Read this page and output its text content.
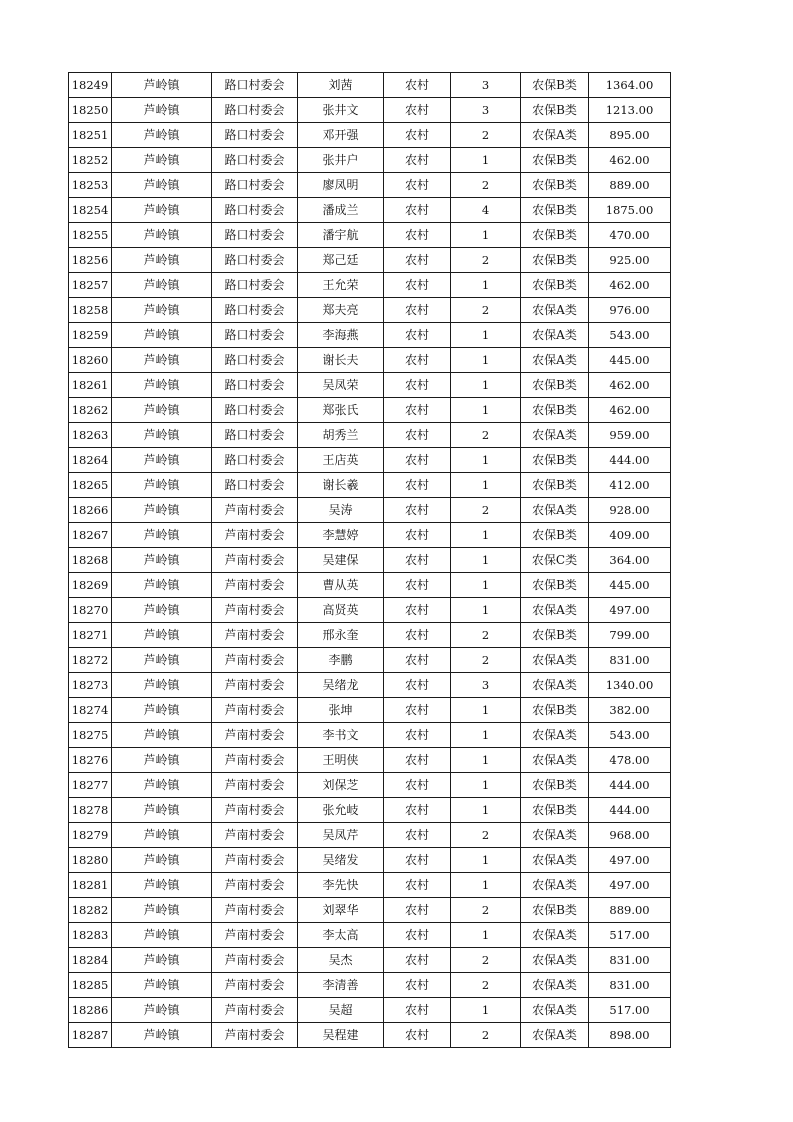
18249	芦岭镇	路口村委会	刘茜	农村	3	农保B类	1364.00
18250	芦岭镇	路口村委会	张井文	农村	3	农保B类	1213.00
18251	芦岭镇	路口村委会	邓开强	农村	2	农保A类	895.00
18252	芦岭镇	路口村委会	张井户	农村	1	农保B类	462.00
18253	芦岭镇	路口村委会	廖凤明	农村	2	农保B类	889.00
18254	芦岭镇	路口村委会	潘成兰	农村	4	农保B类	1875.00
18255	芦岭镇	路口村委会	潘宇航	农村	1	农保B类	470.00
18256	芦岭镇	路口村委会	郑己廷	农村	2	农保B类	925.00
18257	芦岭镇	路口村委会	王允荣	农村	1	农保B类	462.00
18258	芦岭镇	路口村委会	郑夫亮	农村	2	农保A类	976.00
18259	芦岭镇	路口村委会	李海燕	农村	1	农保A类	543.00
18260	芦岭镇	路口村委会	谢长夫	农村	1	农保A类	445.00
18261	芦岭镇	路口村委会	吴凤荣	农村	1	农保B类	462.00
18262	芦岭镇	路口村委会	郑张氏	农村	1	农保B类	462.00
18263	芦岭镇	路口村委会	胡秀兰	农村	2	农保A类	959.00
18264	芦岭镇	路口村委会	王店英	农村	1	农保B类	444.00
18265	芦岭镇	路口村委会	谢长羲	农村	1	农保B类	412.00
18266	芦岭镇	芦南村委会	吴涛	农村	2	农保A类	928.00
18267	芦岭镇	芦南村委会	李慧婷	农村	1	农保B类	409.00
18268	芦岭镇	芦南村委会	吴建保	农村	1	农保C类	364.00
18269	芦岭镇	芦南村委会	曹从英	农村	1	农保B类	445.00
18270	芦岭镇	芦南村委会	高贤英	农村	1	农保A类	497.00
18271	芦岭镇	芦南村委会	邢永奎	农村	2	农保B类	799.00
18272	芦岭镇	芦南村委会	李鹏	农村	2	农保A类	831.00
18273	芦岭镇	芦南村委会	吴绪龙	农村	3	农保A类	1340.00
18274	芦岭镇	芦南村委会	张坤	农村	1	农保B类	382.00
18275	芦岭镇	芦南村委会	李书文	农村	1	农保A类	543.00
18276	芦岭镇	芦南村委会	王明侠	农村	1	农保A类	478.00
18277	芦岭镇	芦南村委会	刘保芝	农村	1	农保B类	444.00
18278	芦岭镇	芦南村委会	张允岐	农村	1	农保B类	444.00
18279	芦岭镇	芦南村委会	吴凤芹	农村	2	农保A类	968.00
18280	芦岭镇	芦南村委会	吴绪发	农村	1	农保A类	497.00
18281	芦岭镇	芦南村委会	李先快	农村	1	农保A类	497.00
18282	芦岭镇	芦南村委会	刘翠华	农村	2	农保B类	889.00
18283	芦岭镇	芦南村委会	李太高	农村	1	农保A类	517.00
18284	芦岭镇	芦南村委会	吴杰	农村	2	农保A类	831.00
18285	芦岭镇	芦南村委会	李清善	农村	2	农保A类	831.00
18286	芦岭镇	芦南村委会	吴超	农村	1	农保A类	517.00
18287	芦岭镇	芦南村委会	吴程建	农村	2	农保A类	898.00
